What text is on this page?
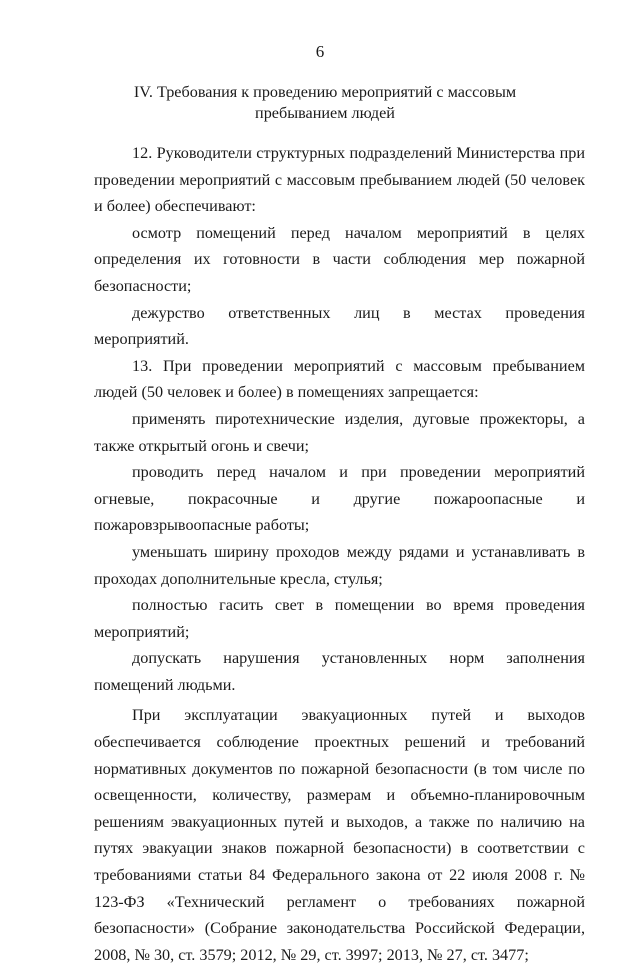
6
IV. Требования к проведению мероприятий с массовым
пребыванием людей

12. Руководители структурных подразделений Министерства при проведении мероприятий с массовым пребыванием людей (50 человек и более) обеспечивают:

осмотр помещений перед началом мероприятий в целях определения их готовности в части соблюдения мер пожарной безопасности;

дежурство ответственных лиц в местах проведения мероприятий.

13. При проведении мероприятий с массовым пребыванием людей (50 человек и более) в помещениях запрещается:

применять пиротехнические изделия, дуговые прожекторы, а также открытый огонь и свечи;

проводить перед началом и при проведении мероприятий огневые, покрасочные и другие пожароопасные и пожаровзрывоопасные работы;

уменьшать ширину проходов между рядами и устанавливать в проходах дополнительные кресла, стулья;

полностью гасить свет в помещении во время проведения мероприятий;

допускать нарушения установленных норм заполнения помещений людьми.

При эксплуатации эвакуационных путей и выходов обеспечивается соблюдение проектных решений и требований нормативных документов по пожарной безопасности (в том числе по освещенности, количеству, размерам и объемно-планировочным решениям эвакуационных путей и выходов, а также по наличию на путях эвакуации знаков пожарной безопасности) в соответствии с требованиями статьи 84 Федерального закона от 22 июля 2008 г. № 123-ФЗ «Технический регламент о требованиях пожарной безопасности» (Собрание законодательства Российской Федерации, 2008, № 30, ст. 3579; 2012, № 29, ст. 3997; 2013, № 27, ст. 3477;
